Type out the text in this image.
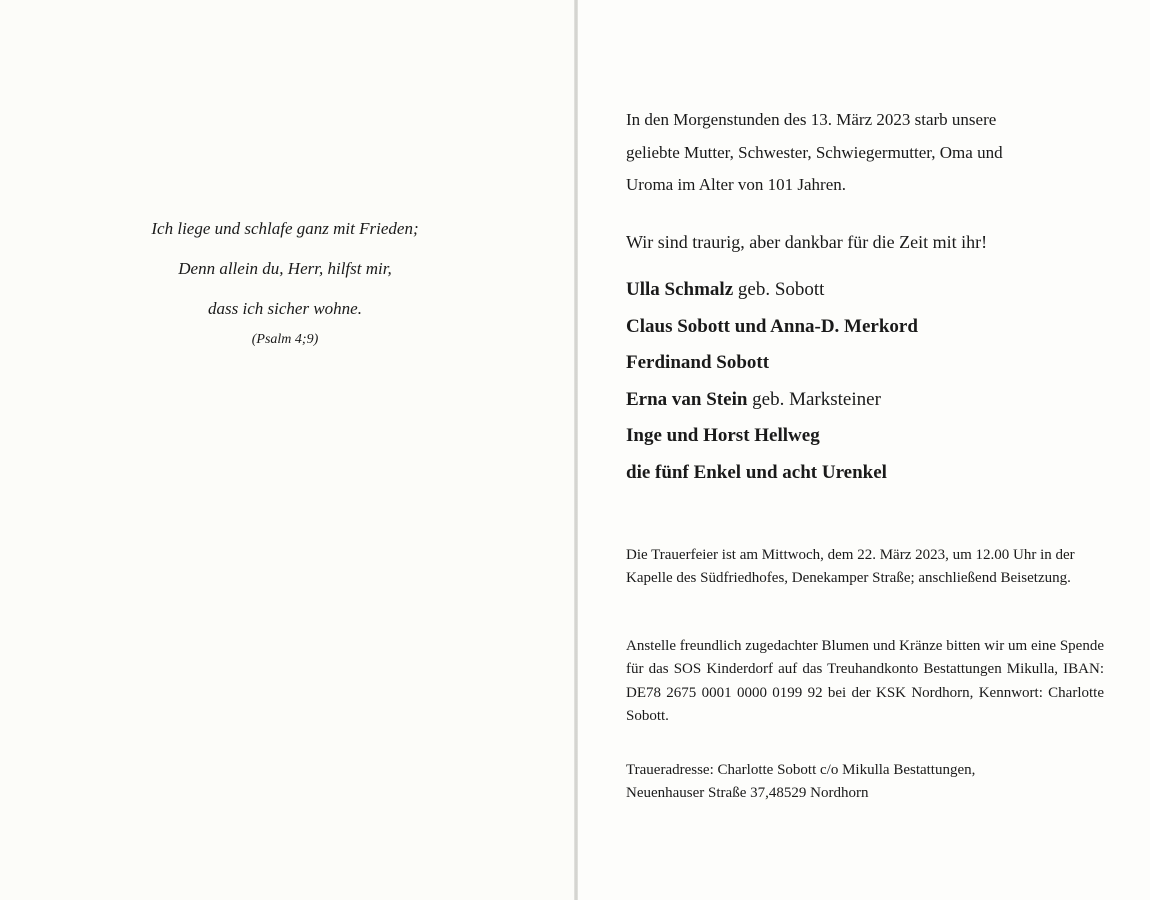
Ich liege und schlafe ganz mit Frieden;
Denn allein du, Herr, hilfst mir,
dass ich sicher wohne.
(Psalm 4;9)
In den Morgenstunden des 13. März 2023 starb unsere
geliebte Mutter, Schwester, Schwiegermutter, Oma und
Uroma im Alter von 101 Jahren.
Wir sind traurig, aber dankbar für die Zeit mit ihr!
Ulla Schmalz geb. Sobott
Claus Sobott und Anna-D. Merkord
Ferdinand Sobott
Erna van Stein geb. Marksteiner
Inge und Horst Hellweg
die fünf Enkel und acht Urenkel
Die Trauerfeier ist am Mittwoch, dem 22. März 2023, um 12.00 Uhr in der Kapelle des Südfriedhofes, Denekamper Straße; anschließend Beisetzung.
Anstelle freundlich zugedachter Blumen und Kränze bitten wir um eine Spende für das SOS Kinderdorf auf das Treuhandkonto Bestattungen Mikulla, IBAN: DE78 2675 0001 0000 0199 92 bei der KSK Nordhorn, Kennwort: Charlotte Sobott.
Traueradresse: Charlotte Sobott c/o Mikulla Bestattungen,
Neuenhauser Straße 37,48529 Nordhorn
